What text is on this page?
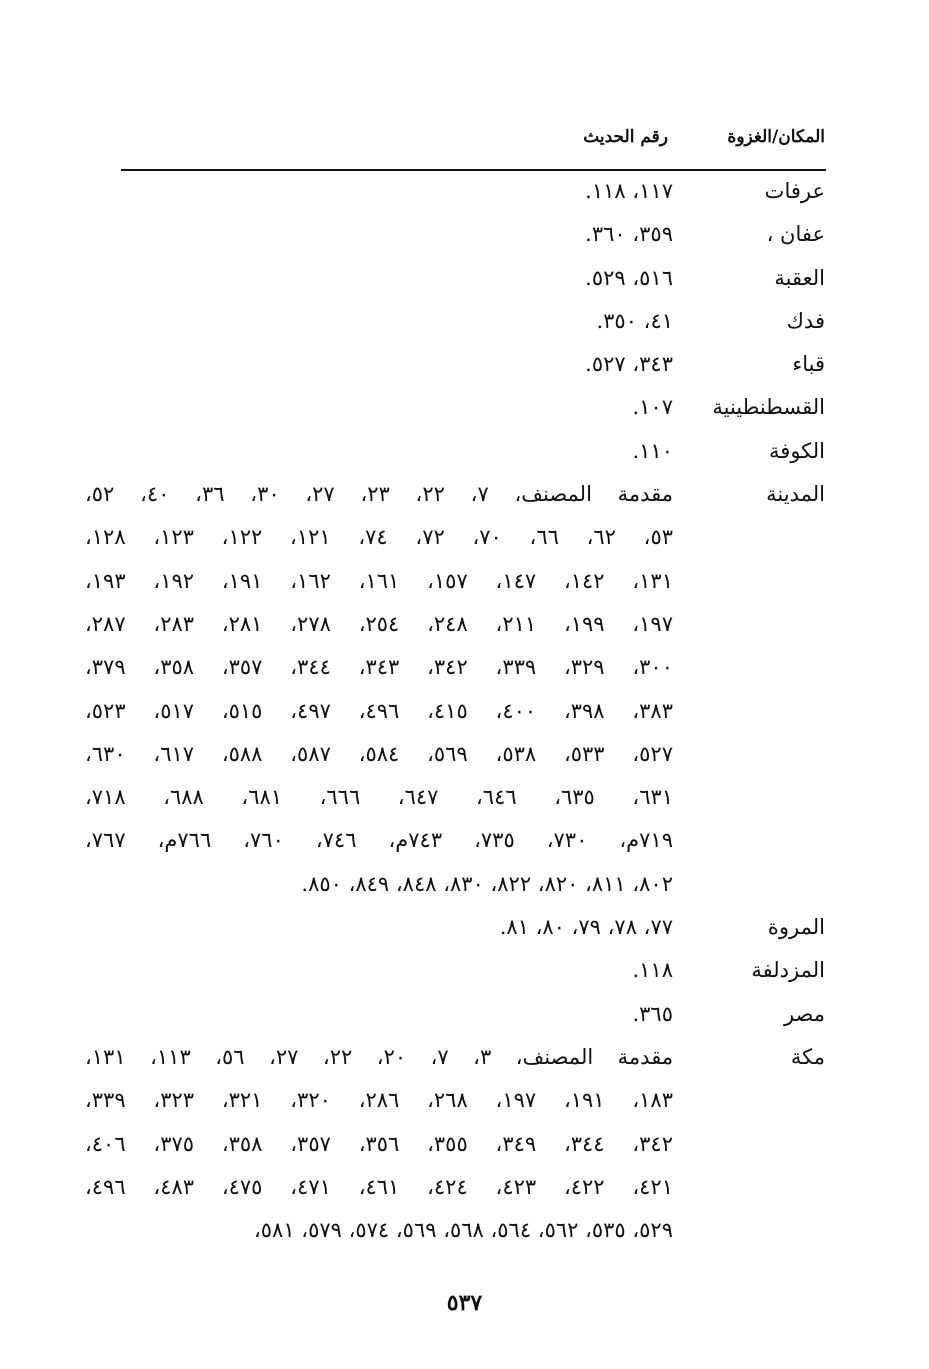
المكان/الغزوة
رقم الحديث
عرفات
١١٧، ١١٨.
عفان ،
٣٥٩، ٣٦٠.
العقبة
٥١٦، ٥٢٩.
فدك
٤١، ٣٥٠.
قباء
٣٤٣، ٥٢٧.
القسطنطينية
١٠٧.
الكوفة
١١٠.
المدينة
مقدمة المصنف، ٧، ٢٢، ٢٣، ٢٧، ٣٠، ٣٦، ٤٠، ٥٢،
٥٣، ٦٢، ٦٦، ٧٠، ٧٢، ٧٤، ١٢١، ١٢٢، ١٢٣، ١٢٨،
١٣١، ١٤٢، ١٤٧، ١٥٧، ١٦١، ١٦٢، ١٩١، ١٩٢، ١٩٣،
١٩٧، ١٩٩، ٢١١، ٢٤٨، ٢٥٤، ٢٧٨، ٢٨١، ٢٨٣، ٢٨٧،
٣٠٠، ٣٢٩، ٣٣٩، ٣٤٢، ٣٤٣، ٣٤٤، ٣٥٧، ٣٥٨، ٣٧٩،
٣٨٣، ٣٩٨، ٤٠٠، ٤١٥، ٤٩٦، ٤٩٧، ٥١٥، ٥١٧، ٥٢٣،
٥٢٧، ٥٣٣، ٥٣٨، ٥٦٩، ٥٨٤، ٥٨٧، ٥٨٨، ٦١٧، ٦٣٠،
٦٣١، ٦٣٥، ٦٤٦، ٦٤٧، ٦٦٦، ٦٨١، ٦٨٨، ٧١٨،
٧١٩م، ٧٣٠، ٧٣٥، ٧٤٣م، ٧٤٦، ٧٦٠، ٧٦٦م، ٧٦٧،
٨٠٢، ٨١١، ٨٢٠، ٨٢٢، ٨٣٠، ٨٤٨، ٨٤٩، ٨٥٠.
المروة
٧٧، ٧٨، ٧٩، ٨٠، ٨١.
المزدلفة
١١٨.
مصر
٣٦٥.
مكة
مقدمة المصنف، ٣، ٧، ٢٠، ٢٢، ٢٧، ٥٦، ١١٣، ١٣١،
١٨٣، ١٩١، ١٩٧، ٢٦٨، ٢٨٦، ٣٢٠، ٣٢١، ٣٢٣، ٣٣٩،
٣٤٢، ٣٤٤، ٣٤٩، ٣٥٥، ٣٥٦، ٣٥٧، ٣٥٨، ٣٧٥، ٤٠٦،
٤٢١، ٤٢٢، ٤٢٣، ٤٢٤، ٤٦١، ٤٧١، ٤٧٥، ٤٨٣، ٤٩٦،
٥٢٩، ٥٣٥، ٥٦٢، ٥٦٤، ٥٦٨، ٥٦٩، ٥٧٤، ٥٧٩، ٥٨١،
٥٣٧
